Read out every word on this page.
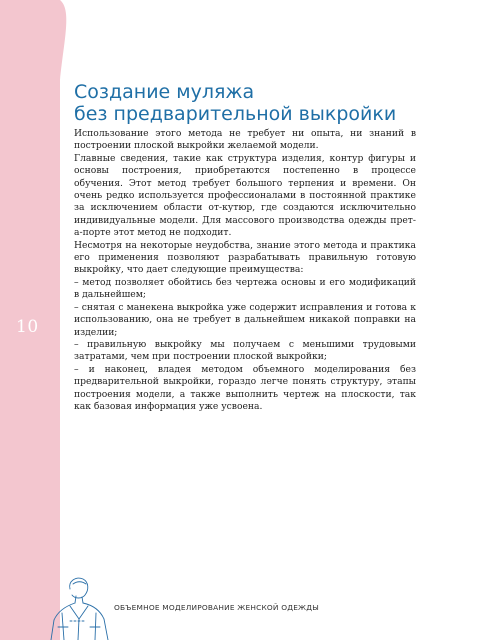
10
Создание муляжа
без предварительной выкройки

Использование этого метода не требует ни опыта, ни знаний в построении плоской выкройки желаемой модели.

Главные сведения, такие как структура изделия, контур фигуры и основы построения, приобретаются постепенно в процессе обучения. Этот метод требует большого терпения и времени. Он очень редко используется профессионалами в постоянной практике за исключением области от-кутюр, где создаются исключительно индивидуальные модели. Для массового производства одежды прет-а-порте этот метод не подходит.

Несмотря на некоторые неудобства, знание этого метода и практика его применения позволяют разрабатывать правильную готовую выкройку, что дает следующие преимущества:

– метод позволяет обойтись без чертежа основы и его модификаций в дальнейшем;

– снятая с манекена выкройка уже содержит исправления и готова к использованию, она не требует в дальнейшем никакой поправки на изделии;

– правильную выкройку мы получаем с меньшими трудовыми затратами, чем при построении плоской выкройки;

– и наконец, владея методом объемного моделирования без предварительной выкройки, гораздо легче понять структуру, этапы построения модели, а также выполнить чертеж на плоскости, так как базовая информация уже усвоена.

ОБЪЕМНОЕ МОДЕЛИРОВАНИЕ ЖЕНСКОЙ ОДЕЖДЫ
